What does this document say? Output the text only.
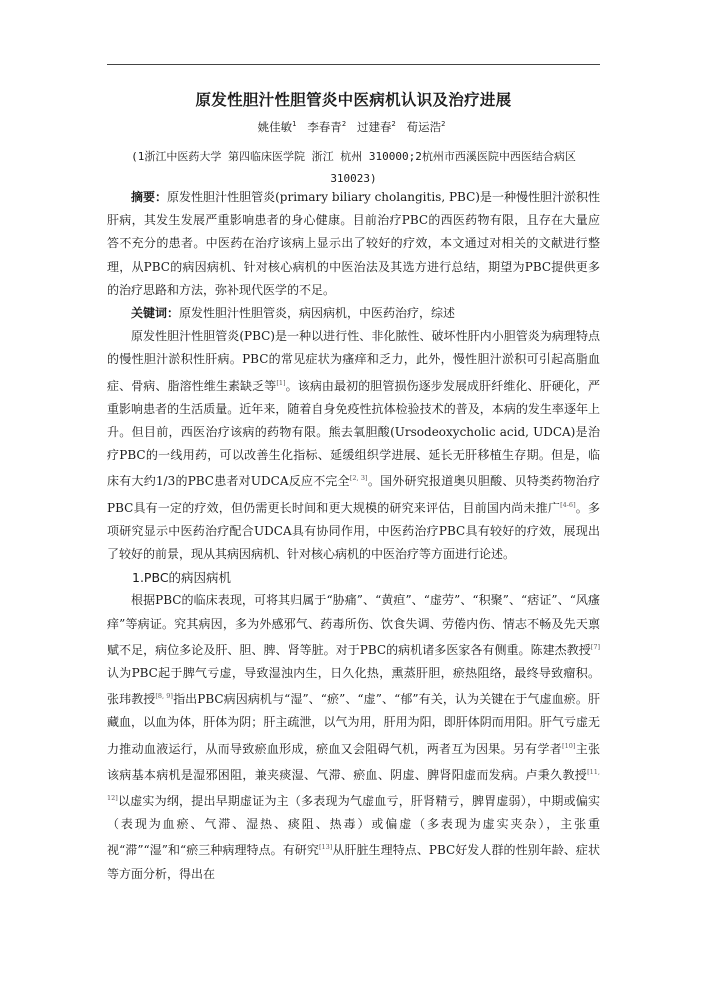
原发性胆汁性胆管炎中医病机认识及治疗进展
姚佳敏$^1$ 李春青$^2$ 过建春$^2$ 荀运浩$^2$
(1浙江中医药大学 第四临床医学院 浙江 杭州 310000;2杭州市西溪医院中西医结合病区 310023)

摘要：原发性胆汁性胆管炎(primary biliary cholangitis, PBC)是一种慢性胆汁淤积性肝病，其发生发展严重影响患者的身心健康。目前治疗PBC的西医药物有限，且存在大量应答不充分的患者。中医药在治疗该病上显示出了较好的疗效，本文通过对相关的文献进行整理，从PBC的病因病机、针对核心病机的中医治法及其选方进行总结，期望为PBC提供更多的治疗思路和方法，弥补现代医学的不足。

关键词：原发性胆汁性胆管炎，病因病机，中医药治疗，综述

原发性胆汁性胆管炎(PBC)是一种以进行性、非化脓性、破坏性肝内小胆管炎为病理特点的慢性胆汁淤积性肝病。PBC的常见症状为瘙痒和乏力，此外，慢性胆汁淤积可引起高脂血症、骨病、脂溶性维生素缺乏等[1]。该病由最初的胆管损伤逐步发展成肝纤维化、肝硬化，严重影响患者的生活质量。近年来，随着自身免疫性抗体检验技术的普及，本病的发生率逐年上升。但目前，西医治疗该病的药物有限。熊去氧胆酸(Ursodeoxycholic acid, UDCA)是治疗PBC的一线用药，可以改善生化指标、延缓组织学进展、延长无肝移植生存期。但是，临床有大约1/3的PBC患者对UDCA反应不完全[2, 3]。国外研究报道奥贝胆酸、贝特类药物治疗PBC具有一定的疗效，但仍需更长时间和更大规模的研究来评估，目前国内尚未推广[4-6]。多项研究显示中医药治疗配合UDCA具有协同作用，中医药治疗PBC具有较好的疗效，展现出了较好的前景，现从其病因病机、针对核心病机的中医治疗等方面进行论述。

1.PBC的病因病机

根据PBC的临床表现，可将其归属于“胁痛”、“黄疸”、“虚劳”、“积聚”、“痞证”、“风瘙痒”等病证。究其病因，多为外感邪气、药毒所伤、饮食失调、劳倦内伤、情志不畅及先天禀赋不足，病位多论及肝、胆、脾、肾等脏。对于PBC的病机诸多医家各有侧重。陈建杰教授[7]认为PBC起于脾气亏虚，导致湿浊内生，日久化热，熏蒸肝胆，瘀热阻络，最终导致瘤积。张玮教授[8, 9]指出PBC病因病机与“湿”、“瘀”、“虚”、“郁”有关，认为关键在于气虚血瘀。肝藏血，以血为体，肝体为阴；肝主疏泄，以气为用，肝用为阳，即肝体阴而用阳。肝气亏虚无力推动血液运行，从而导致瘀血形成，瘀血又会阻碍气机，两者互为因果。另有学者[10]主张该病基本病机是湿邪困阻，兼夹痰湿、气滞、瘀血、阴虚、脾肾阳虚而发病。卢秉久教授[11, 12]以虚实为纲，提出早期虚证为主（多表现为气虚血亏，肝肾精亏，脾胃虚弱），中期或偏实（表现为血瘀、气滞、湿热、痰阻、热毒）或偏虚（多表现为虚实夹杂），主张重视“滞”“湿”和“瘀三种病理特点。有研究[13]从肝脏生理特点、PBC好发人群的性别年龄、症状等方面分析，得出在
